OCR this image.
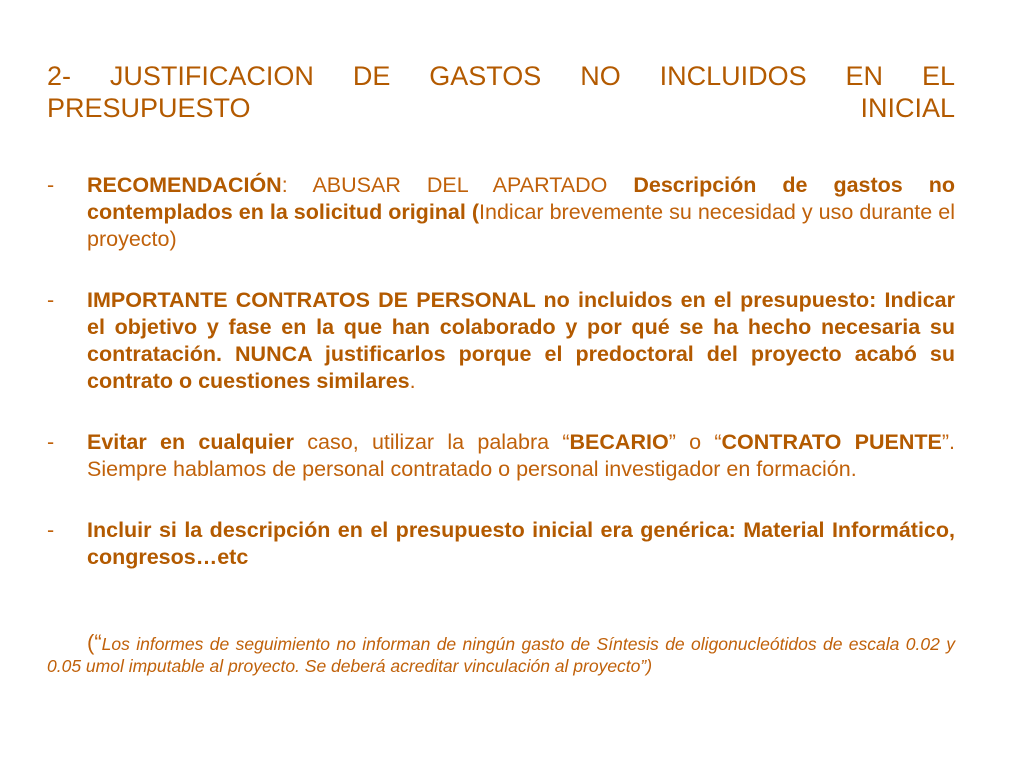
2- JUSTIFICACION DE GASTOS NO INCLUIDOS EN EL
PRESUPUESTO INICIAL
- RECOMENDACIÓN: ABUSAR DEL APARTADO Descripción de gastos no contemplados en la solicitud original (Indicar brevemente su necesidad y uso durante el proyecto)
- IMPORTANTE CONTRATOS DE PERSONAL no incluidos en el presupuesto: Indicar el objetivo y fase en la que han colaborado y por qué se ha hecho necesaria su contratación. NUNCA justificarlos porque el predoctoral del proyecto acabó su contrato o cuestiones similares.
- Evitar en cualquier caso, utilizar la palabra “BECARIO” o “CONTRATO PUENTE”. Siempre hablamos de personal contratado o personal investigador en formación.
- Incluir si la descripción en el presupuesto inicial era genérica: Material Informático, congresos…etc
(“Los informes de seguimiento no informan de ningún gasto de Síntesis de oligonucleótidos de escala 0.02 y 0.05 umol imputable al proyecto. Se deberá acreditar vinculación al proyecto”)
